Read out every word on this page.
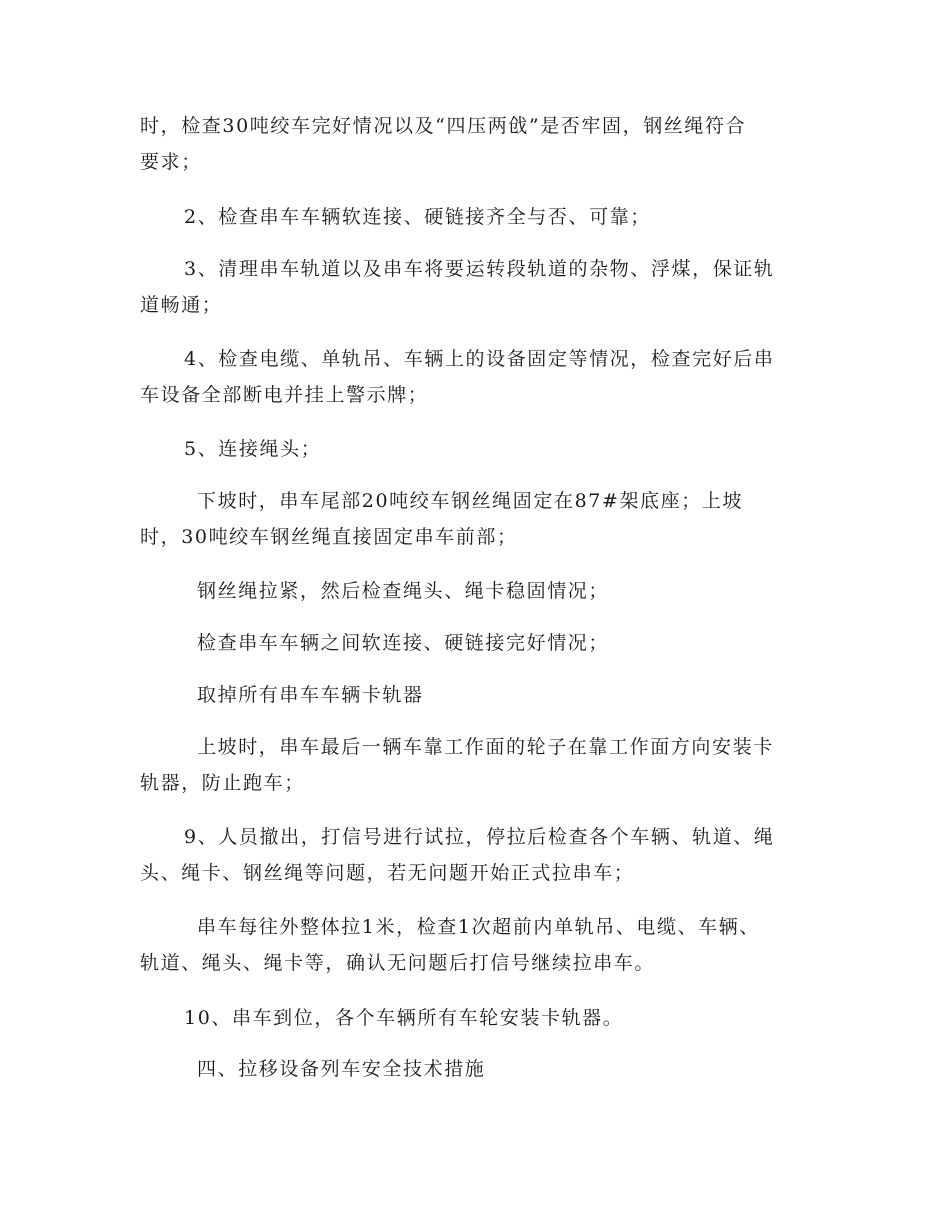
时，检查30吨绞车完好情况以及“四压两戗”是否牢固，钢丝绳符合
要求；

2、检查串车车辆软连接、硬链接齐全与否、可靠；

3、清理串车轨道以及串车将要运转段轨道的杂物、浮煤，保证轨
道畅通；

4、检查电缆、单轨吊、车辆上的设备固定等情况，检查完好后串
车设备全部断电并挂上警示牌；

5、连接绳头；

下坡时，串车尾部20吨绞车钢丝绳固定在87#架底座；上坡
时，30吨绞车钢丝绳直接固定串车前部；

钢丝绳拉紧，然后检查绳头、绳卡稳固情况；

检查串车车辆之间软连接、硬链接完好情况；

取掉所有串车车辆卡轨器

上坡时，串车最后一辆车靠工作面的轮子在靠工作面方向安装卡
轨器，防止跑车；

9、人员撤出，打信号进行试拉，停拉后检查各个车辆、轨道、绳
头、绳卡、钢丝绳等问题，若无问题开始正式拉串车；

串车每往外整体拉1米，检查1次超前内单轨吊、电缆、车辆、
轨道、绳头、绳卡等，确认无问题后打信号继续拉串车。

10、串车到位，各个车辆所有车轮安装卡轨器。

四、拉移设备列车安全技术措施
